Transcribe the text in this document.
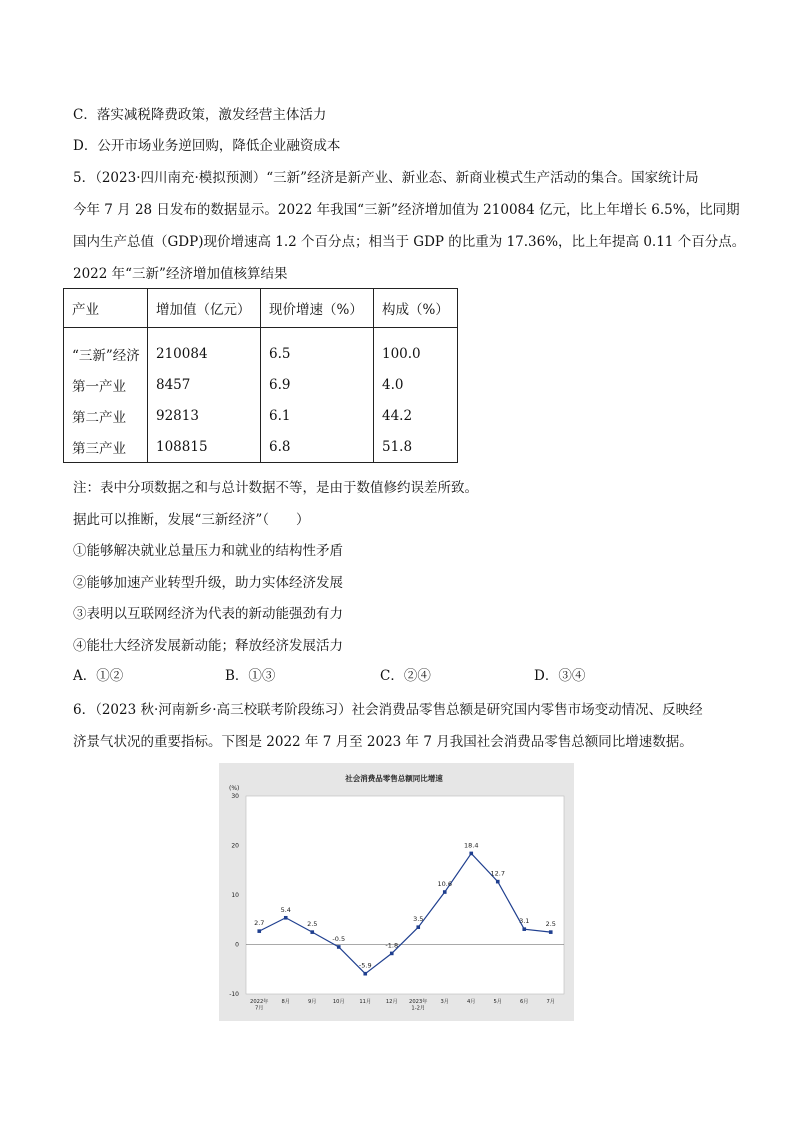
C．落实减税降费政策，激发经营主体活力
D．公开市场业务逆回购，降低企业融资成本
5．（2023·四川南充·模拟预测）“三新”经济是新产业、新业态、新商业模式生产活动的集合。国家统计局
今年 7 月 28 日发布的数据显示。2022 年我国“三新”经济增加值为 210084 亿元，比上年增长 6.5%，比同期
国内生产总值（GDP)现价增速高 1.2 个百分点；相当于 GDP 的比重为 17.36%，比上年提高 0.11 个百分点。
2022 年“三新”经济增加值核算结果
产业	增加值（亿元）	现价增速（%）	构成（%）
“三新”经济	210084	6.5	100.0
第一产业	8457	6.9	4.0
第二产业	92813	6.1	44.2
第三产业	108815	6.8	51.8
注：表中分项数据之和与总计数据不等，是由于数值修约误差所致。
据此可以推断，发展“三新经济”（　　）
①能够解决就业总量压力和就业的结构性矛盾
②能够加速产业转型升级，助力实体经济发展
③表明以互联网经济为代表的新动能强劲有力
④能壮大经济发展新动能；释放经济发展活力
A．①②	B．①③	C．②④	D．③④
6．（2023 秋·河南新乡·高三校联考阶段练习）社会消费品零售总额是研究国内零售市场变动情况、反映经
济景气状况的重要指标。下图是 2022 年 7 月至 2023 年 7 月我国社会消费品零售总额同比增速数据。
社会消费品零售总额同比增速
(%)
-10
0
10
20
30
2022年 7月
8月	9月	10月	11月	12月 2023年 1-2月
3月	4月	5月	6月	7月
2.7
5.4
2.5
-0.5
-5.9
-1.8
3.5
10.6
18.4
12.7
3.1 2.5
